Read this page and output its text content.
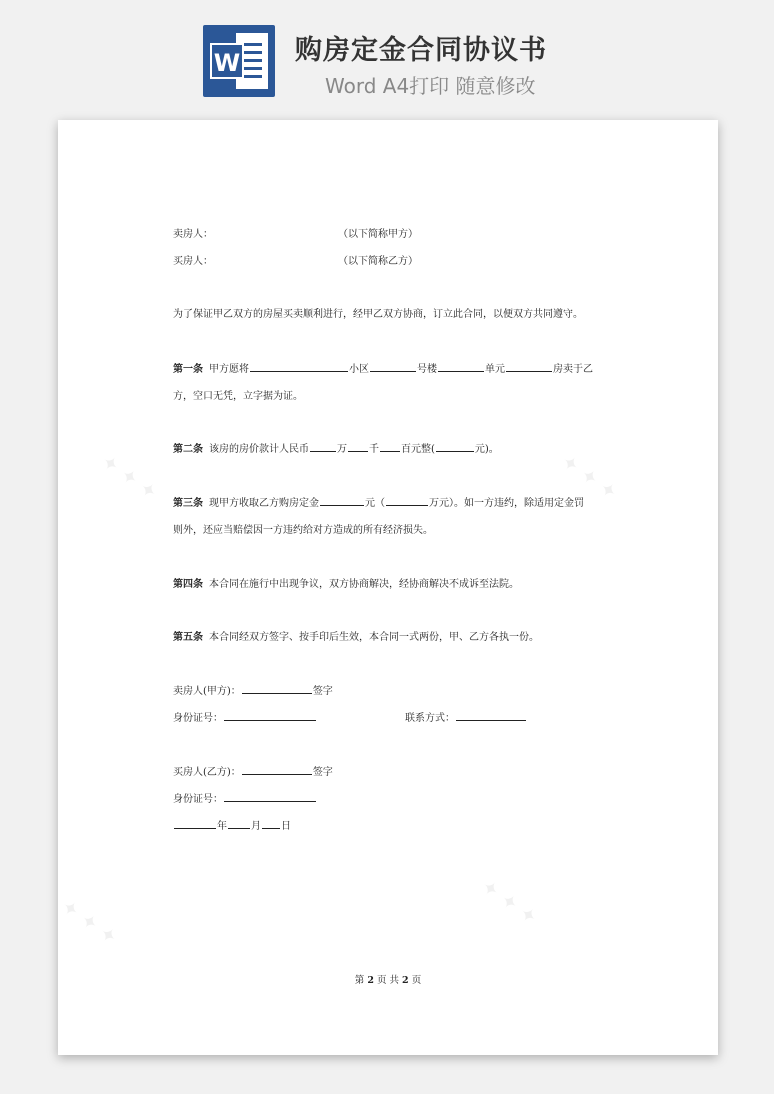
W 购房定金合同协议书
Word A4打印 随意修改
✦ ✦ ✦	✦ ✦ ✦
✦ ✦ ✦	✦ ✦ ✦
卖房人：	（以下简称甲方）
买房人：	（以下简称乙方）
为了保证甲乙双方的房屋买卖顺利进行，经甲乙双方协商，订立此合同，以便双方共同遵守。
第一条 甲方愿将	小区	号楼	单元	房卖于乙
方，空口无凭，立字据为证。
第二条 该房的房价款计人民币	万 千 百元整(	元)。
第三条 现甲方收取乙方购房定金	元（	万元）。如一方违约，除适用定金罚
则外，还应当赔偿因一方违约给对方造成的所有经济损失。
第四条 本合同在施行中出现争议，双方协商解决，经协商解决不成诉至法院。
第五条 本合同经双方签字、按手印后生效，本合同一式两份，甲、乙方各执一份。
卖房人(甲方)：	签字
身份证号：	联系方式：
买房人(乙方)：	签字
身份证号：
年 月 日
第 2 页 共 2 页
